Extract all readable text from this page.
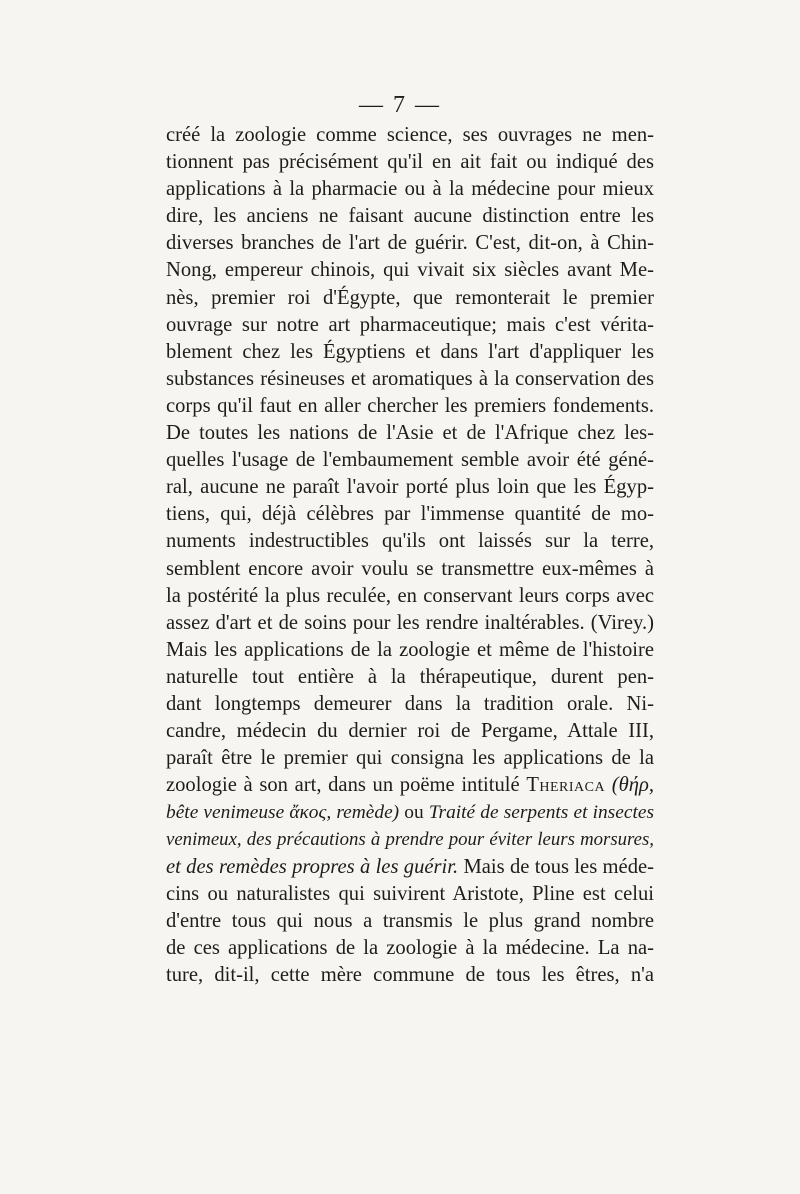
— 7 —
créé la zoologie comme science, ses ouvrages ne men-
tionnent pas précisément qu'il en ait fait ou indiqué des
applications à la pharmacie ou à la médecine pour mieux
dire, les anciens ne faisant aucune distinction entre les
diverses branches de l'art de guérir. C'est, dit-on, à Chin-
Nong, empereur chinois, qui vivait six siècles avant Me-
nès, premier roi d'Égypte, que remonterait le premier
ouvrage sur notre art pharmaceutique; mais c'est vérita-
blement chez les Égyptiens et dans l'art d'appliquer les
substances résineuses et aromatiques à la conservation des
corps qu'il faut en aller chercher les premiers fondements.
De toutes les nations de l'Asie et de l'Afrique chez les-
quelles l'usage de l'embaumement semble avoir été géné-
ral, aucune ne paraît l'avoir porté plus loin que les Égyp-
tiens, qui, déjà célèbres par l'immense quantité de mo-
numents indestructibles qu'ils ont laissés sur la terre,
semblent encore avoir voulu se transmettre eux-mêmes à
la postérité la plus reculée, en conservant leurs corps avec
assez d'art et de soins pour les rendre inaltérables. (Virey.)
Mais les applications de la zoologie et même de l'histoire
naturelle tout entière à la thérapeutique, durent pen-
dant longtemps demeurer dans la tradition orale. Ni-
candre, médecin du dernier roi de Pergame, Attale III,
paraît être le premier qui consigna les applications de la
zoologie à son art, dans un poëme intitulé Theriaca (θήρ,
bête venimeuse ἄκος, remède) ou Traité de serpents et insectes
venimeux, des précautions à prendre pour éviter leurs morsures,
et des remèdes propres à les guérir. Mais de tous les méde-
cins ou naturalistes qui suivirent Aristote, Pline est celui
d'entre tous qui nous a transmis le plus grand nombre
de ces applications de la zoologie à la médecine. La na-
ture, dit-il, cette mère commune de tous les êtres, n'a
